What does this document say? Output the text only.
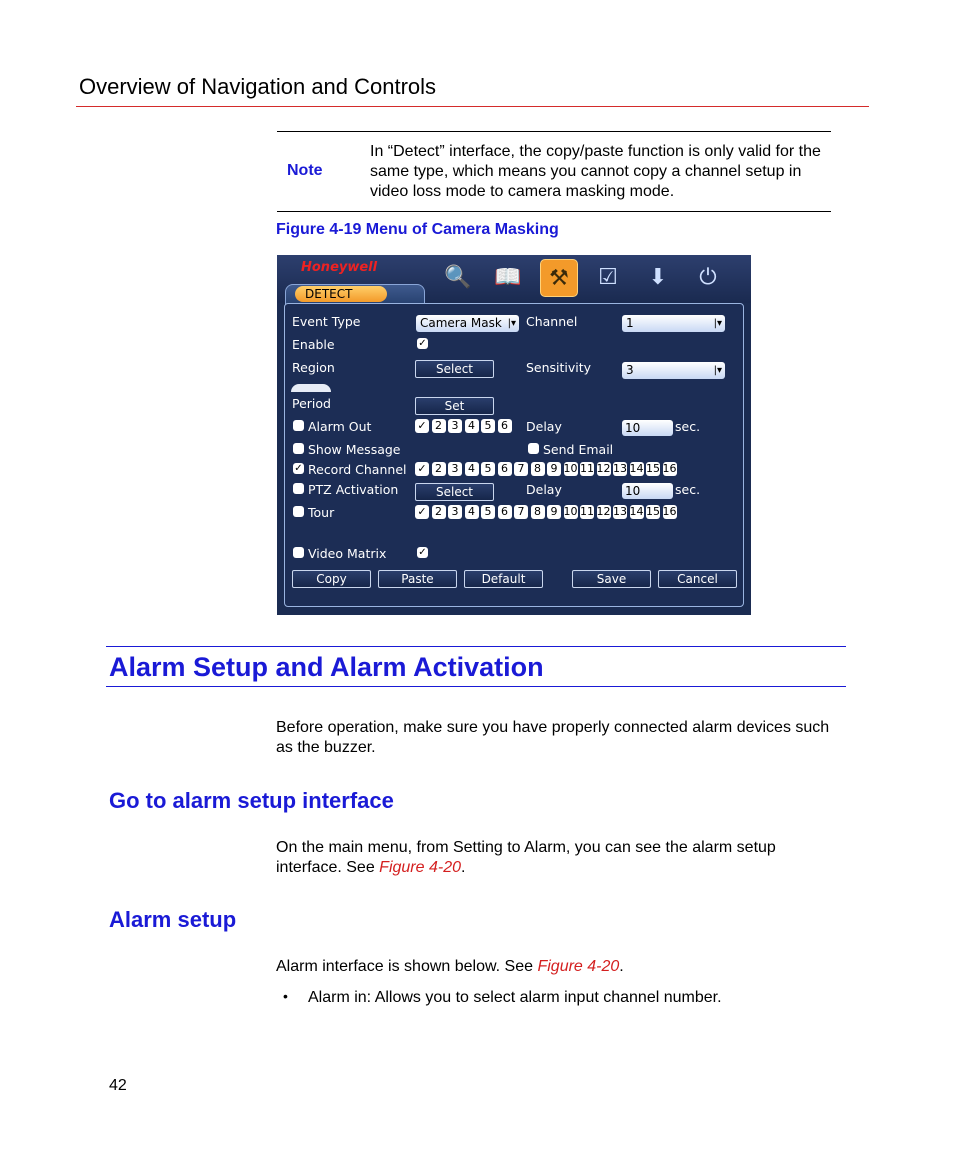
Overview of Navigation and Controls
Note
In “Detect” interface, the copy/paste function is only valid for the same type, which means you cannot copy a channel setup in video loss mode to camera masking mode.
Figure 4-19 Menu of Camera Masking
Honeywell	🔍 📖	⚒	☑	⬇	⏻
DETECT
Event Type	Camera Mask |▾ Channel	1	|▾
Enable	✓
Region	Select	Sensitivity	3	|▾
Period	Set
Alarm Out	✓ 2 3 4 5 6 Delay	10	sec.
Show Message	Send Email
✓ Record Channel ✓ 2 3 4 5 6 7 8 9 10 11 12 13 14 15 16
PTZ Activation	Select	Delay	10	sec.
Tour	✓ 2 3 4 5 6 7 8 9 10 11 12 13 14 15 16
Video Matrix	✓
Copy	Paste	Default	Save	Cancel
Alarm Setup and Alarm Activation
Before operation, make sure you have properly connected alarm devices such as the buzzer.
Go to alarm setup interface
On the main menu, from Setting to Alarm, you can see the alarm setup interface. See Figure 4-20.
Alarm setup
Alarm interface is shown below. See Figure 4-20.
• Alarm in: Allows you to select alarm input channel number.
42
